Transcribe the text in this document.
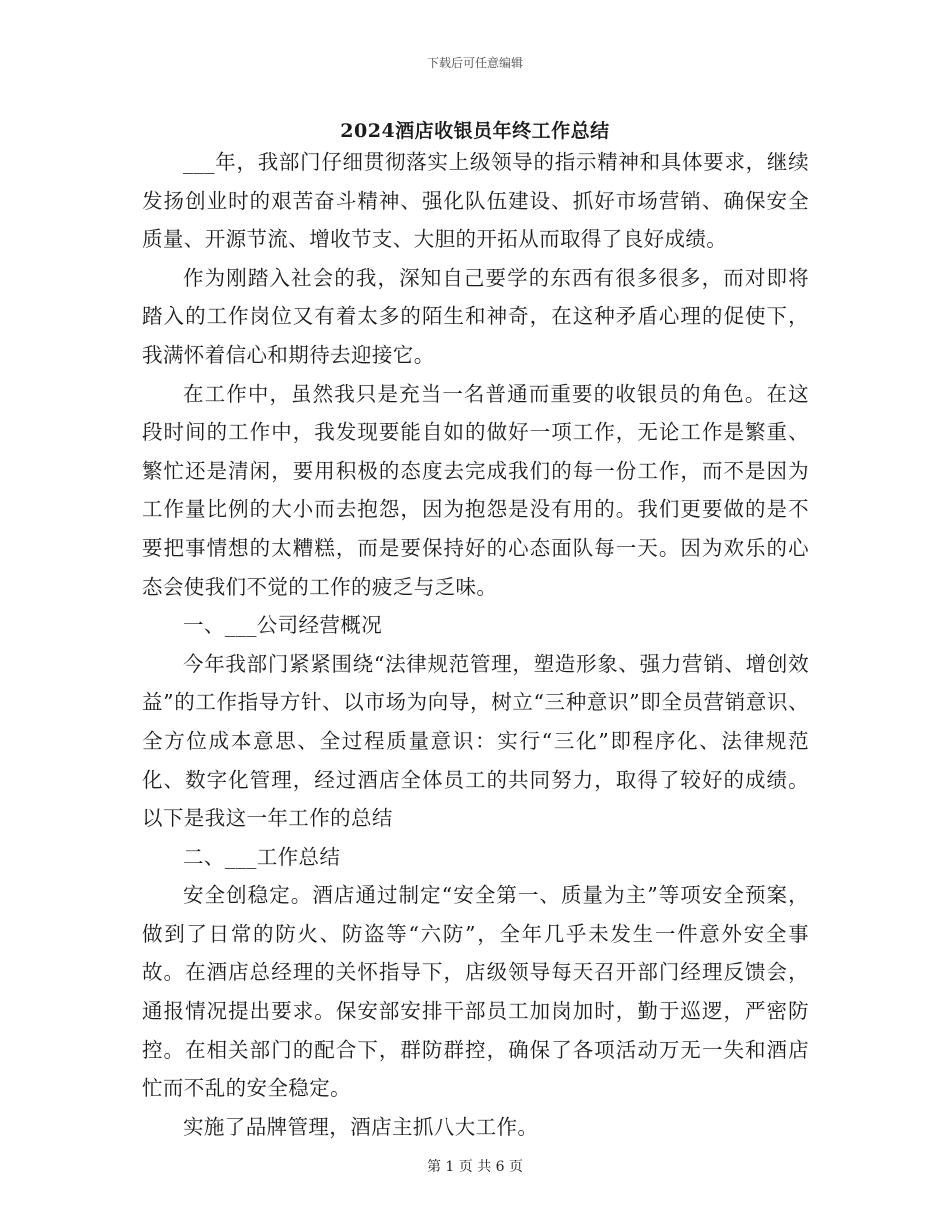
下载后可任意编辑
2024酒店收银员年终工作总结

___年，我部门仔细贯彻落实上级领导的指示精神和具体要求，继续发扬创业时的艰苦奋斗精神、强化队伍建设、抓好市场营销、确保安全质量、开源节流、增收节支、大胆的开拓从而取得了良好成绩。

作为刚踏入社会的我，深知自己要学的东西有很多很多，而对即将踏入的工作岗位又有着太多的陌生和神奇，在这种矛盾心理的促使下，我满怀着信心和期待去迎接它。

在工作中，虽然我只是充当一名普通而重要的收银员的角色。在这段时间的工作中，我发现要能自如的做好一项工作，无论工作是繁重、繁忙还是清闲，要用积极的态度去完成我们的每一份工作，而不是因为工作量比例的大小而去抱怨，因为抱怨是没有用的。我们更要做的是不要把事情想的太糟糕，而是要保持好的心态面队每一天。因为欢乐的心态会使我们不觉的工作的疲乏与乏味。

一、___公司经营概况

今年我部门紧紧围绕“法律规范管理，塑造形象、强力营销、增创效益”的工作指导方针、以市场为向导，树立“三种意识”即全员营销意识、全方位成本意思、全过程质量意识：实行“三化”即程序化、法律规范化、数字化管理，经过酒店全体员工的共同努力，取得了较好的成绩。以下是我这一年工作的总结

二、___工作总结

安全创稳定。酒店通过制定“安全第一、质量为主”等项安全预案，做到了日常的防火、防盗等“六防”，全年几乎未发生一件意外安全事故。在酒店总经理的关怀指导下，店级领导每天召开部门经理反馈会，通报情况提出要求。保安部安排干部员工加岗加时，勤于巡逻，严密防控。在相关部门的配合下，群防群控，确保了各项活动万无一失和酒店忙而不乱的安全稳定。

实施了品牌管理，酒店主抓八大工作。

第 1 页 共 6 页
